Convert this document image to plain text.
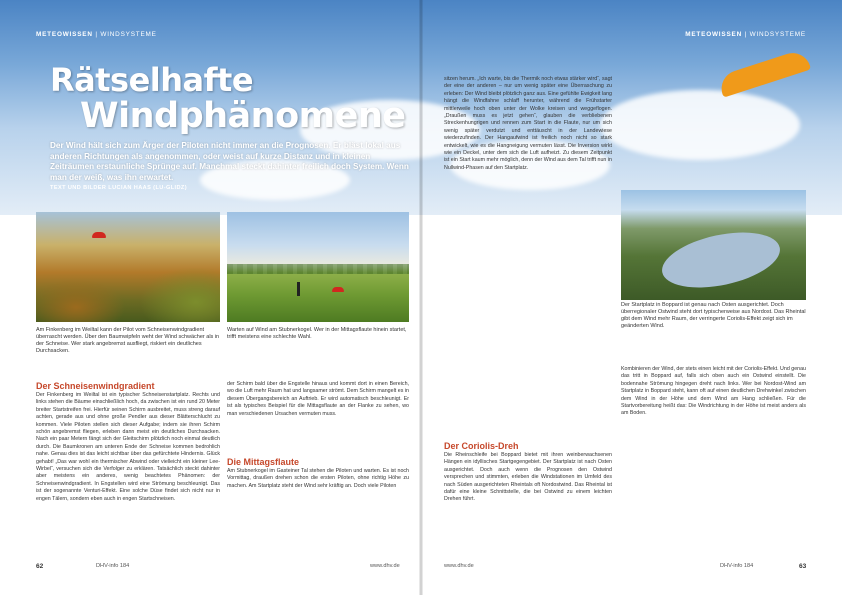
METEOWISSEN | WINDSYSTEME	METEOWISSEN | WINDSYSTEME
Rätselhafte
Windphänomene

Der Wind hält sich zum Ärger der Piloten nicht immer an die Prognosen. Er bläst lokal aus anderen Richtungen als angenommen, oder weist auf kurze Distanz und in kleinen Zeiträumen erstaunliche Sprünge auf. Manchmal steckt dahinter freilich doch System. Wenn man der weiß, was ihn erwartet.

TEXT UND BILDER LUCIAN HAAS (LU-GLIDZ)
Am Finkenberg im Weiltal kann der Pilot vom Schneisenwindgradient überrascht werden. Über den Baumwipfeln weht der Wind schwächer als in der Schneise. Wer stark angebremst ausfliegt, riskiert ein deutliches Durchsacken.
Warten auf Wind am Stubnerkogel. Wer in der Mittagsflaute hinein startet, trifft meistens eine schlechte Wahl.
Der Startplatz in Boppard ist genau nach Osten ausgerichtet. Doch überregionaler Ostwind steht dort typischerweise aus Nordost. Das Rheintal gibt dem Wind mehr Raum, der verringerte Coriolis-Effekt zeigt sich im geänderten Wind.
Der Schneisenwindgradient
Die Mittagsflaute
Der Coriolis-Dreh
Der Finkenberg im Weiltal ist ein typischer Schneisenstartplatz. Rechts und links stehen die Bäume einschließlich hoch, da zwischen ist ein rund 20 Meter breiter Startstreifen frei. Hierfür seinen Schirm ausbreitet, muss streng darauf achten, gerade aus und ohne große Pendler aus dieser Blätterschlucht zu kommen. Viele Piloten stellen sich dieser Aufgabe; indem sie ihren Schirm schön angebremst fliegen, erleben dann meist ein deutliches Durchsacken. Nach ein paar Metern fängt sich der Gleitschirm plötzlich noch einmal deutlich durch. Die Baumkronen am unteren Ende der Schneise kommen bedrohlich nahe. Genau dies ist das leicht sichtbar über das gefürchtete Hindernis. Glück gehabt! „Das war wohl ein thermischer Abwind oder vielleicht ein kleiner Lee-Wirbel“, versuchen sich die Verfolger zu erklären. Tatsächlich steckt dahinter aber meistens ein anderes, wenig beachtetes Phänomen: der Schneisenwindgradient. In Engstellen wird eine Strömung beschleunigt. Das ist der sogenannte Venturi-Effekt. Eine solche Düse findet sich nicht nur in engen Tälern, sondern eben auch in engen Startschneisen.
der Schirm bald über die Engstelle hinaus und kommt dort in einen Bereich, wo die Luft mehr Raum hat und langsamer strömt. Dem Schirm mangelt es in diesem Übergangsbereich an Auftrieb. Er wird automatisch beschleunigt. Er ist als typisches Beispiel für die Mittagsflaute an der Flanke zu sehen, wo man verschiedenen Ursachen vermuten muss.
Am Stubnerkogel im Gasteiner Tal stehen die Piloten und warten. Es ist noch Vormittag, draußen drehen schon die ersten Piloten, ohne richtig Höhe zu machen. Am Startplatz steht der Wind sehr kräftig an. Doch viele Piloten
sitzen herum. „Ich warte, bis die Thermik noch etwas stärker wird“, sagt der eine der anderen – nur um wenig später eine Überraschung zu erleben: Der Wind bleibt plötzlich ganz aus. Eine gefühlte Ewigkeit lang hängt die Windfahne schlaff herunter, während die Frühstarter mittlerweile hoch oben unter der Wolke kreisen und weggeflogen. „Draußen muss es jetzt gehen“, glauben die verbliebenen Streckenhungrigen und rennen zum Start in die Flaute, nur um sich wenig später verdutzt und enttäuscht in der Landewiese wiederzufinden. Der Hangaufwind ist freilich noch nicht so stark entwickelt, wie es die Hangneigung vermuten lässt. Die Inversion wirkt wie ein Deckel, unter dem sich die Luft aufheizt. Zu diesem Zeitpunkt ist ein Start kaum mehr möglich, denn der Wind aus dem Tal trifft nun in Nullwind-Phasen auf den Startplatz.
Die Rheinschleife bei Boppard bietet mit ihren weinberwachsenen Hängen ein idyllisches Startgegengebiet. Der Startplatz ist nach Osten ausgerichtet. Doch auch wenn die Prognosen den Ostwind versprechen und stimmten, erleben die Windstationen im Umfeld des nach Süden ausgerichteten Rheintals oft Nordostwind. Das Rheintal ist dafür eine kleine Schnittstelle, die bei Ostwind zu einem leichten Drehen führt.
Kombinieren der Wind, der stets einen leicht mit der Coriolis-Effekt. Und genau das tritt in Boppard auf, falls sich oben auch ein Ostwind einstellt. Die bodennahe Strömung hingegen dreht nach links. Wer bei Nordost-Wind am Startplatz in Boppard steht, kann oft auf einen deutlichen Drehwinkel zwischen dem Wind in der Höhe und dem Wind am Hang schließen. Für die Startvorbereitung heißt das: Die Windrichtung in der Höhe ist meist anders als am Boden.
62	DHV-info 184	www.dhv.de	www.dhv.de	DHV-info 184	63
